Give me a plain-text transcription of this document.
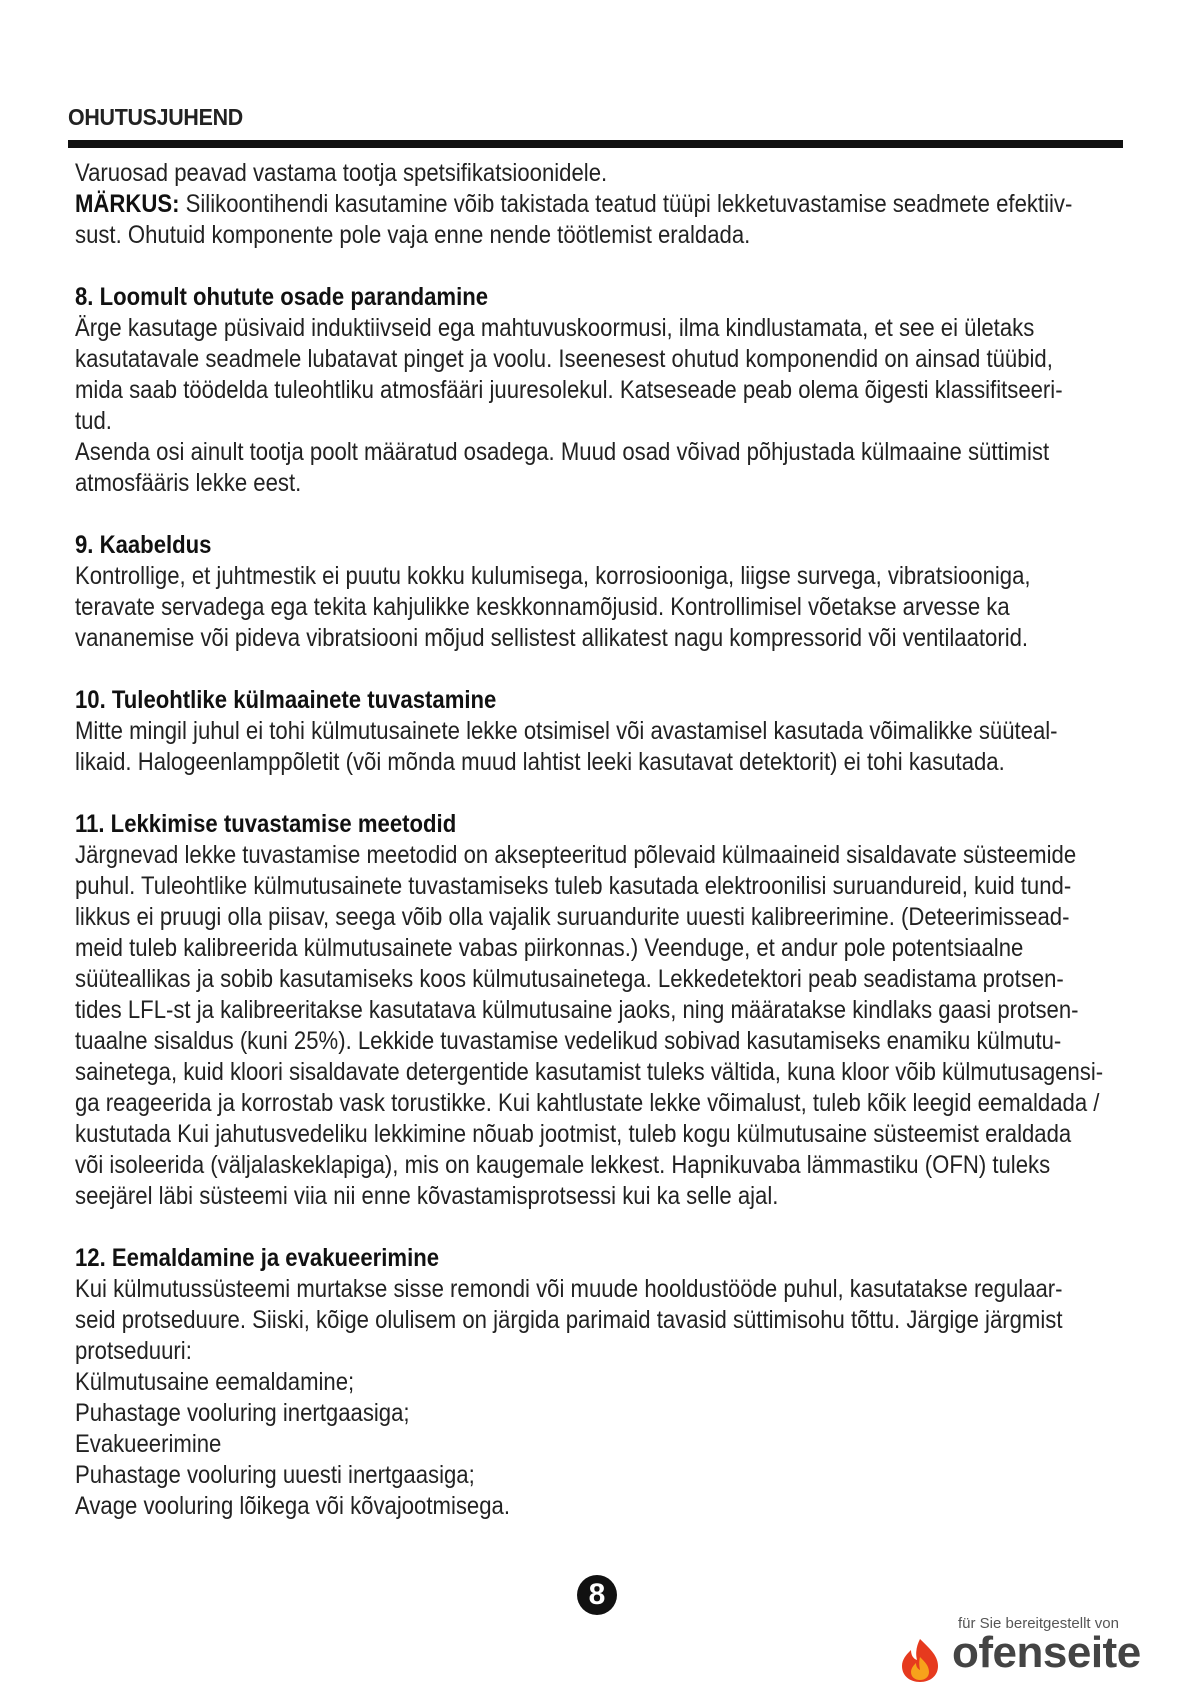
OHUTUSJUHEND

Varuosad peavad vastama tootja spetsifikatsioonidele.

MÄRKUS: Silikoontihendi kasutamine võib takistada teatud tüüpi lekketuvastamise seadmete efektiiv-

sust. Ohutuid komponente pole vaja enne nende töötlemist eraldada.

8. Loomult ohutute osade parandamine

Ärge kasutage püsivaid induktiivseid ega mahtuvuskoormusi, ilma kindlustamata, et see ei ületaks

kasutatavale seadmele lubatavat pinget ja voolu. Iseenesest ohutud komponendid on ainsad tüübid,

mida saab töödelda tuleohtliku atmosfääri juuresolekul. Katseseade peab olema õigesti klassifitseeri-

tud.

Asenda osi ainult tootja poolt määratud osadega. Muud osad võivad põhjustada külmaaine süttimist

atmosfääris lekke eest.

9. Kaabeldus

Kontrollige, et juhtmestik ei puutu kokku kulumisega, korrosiooniga, liigse survega, vibratsiooniga,

teravate servadega ega tekita kahjulikke keskkonnamõjusid. Kontrollimisel võetakse arvesse ka

vananemise või pideva vibratsiooni mõjud sellistest allikatest nagu kompressorid või ventilaatorid.

10. Tuleohtlike külmaainete tuvastamine

Mitte mingil juhul ei tohi külmutusainete lekke otsimisel või avastamisel kasutada võimalikke süüteal-

likaid. Halogeenlamppõletit (või mõnda muud lahtist leeki kasutavat detektorit) ei tohi kasutada.

11. Lekkimise tuvastamise meetodid

Järgnevad lekke tuvastamise meetodid on aksepteeritud põlevaid külmaaineid sisaldavate süsteemide

puhul. Tuleohtlike külmutusainete tuvastamiseks tuleb kasutada elektroonilisi suruandureid, kuid tund-

likkus ei pruugi olla piisav, seega võib olla vajalik suruandurite uuesti kalibreerimine. (Deteerimissead-

meid tuleb kalibreerida külmutusainete vabas piirkonnas.) Veenduge, et andur pole potentsiaalne

süüteallikas ja sobib kasutamiseks koos külmutusainetega. Lekkedetektori peab seadistama protsen-

tides LFL-st ja kalibreeritakse kasutatava külmutusaine jaoks, ning määratakse kindlaks gaasi protsen-

tuaalne sisaldus (kuni 25%). Lekkide tuvastamise vedelikud sobivad kasutamiseks enamiku külmutu-

sainetega, kuid kloori sisaldavate detergentide kasutamist tuleks vältida, kuna kloor võib külmutusagensi-

ga reageerida ja korrostab vask torustikke. Kui kahtlustate lekke võimalust, tuleb kõik leegid eemaldada /

kustutada Kui jahutusvedeliku lekkimine nõuab jootmist, tuleb kogu külmutusaine süsteemist eraldada

või isoleerida (väljalaskeklapiga), mis on kaugemale lekkest. Hapnikuvaba lämmastiku (OFN) tuleks

seejärel läbi süsteemi viia nii enne kõvastamisprotsessi kui ka selle ajal.

12. Eemaldamine ja evakueerimine

Kui külmutussüsteemi murtakse sisse remondi või muude hooldustööde puhul, kasutatakse regulaar-

seid protseduure. Siiski, kõige olulisem on järgida parimaid tavasid süttimisohu tõttu. Järgige järgmist

protseduuri:

Külmutusaine eemaldamine;

Puhastage vooluring inertgaasiga;

Evakueerimine

Puhastage vooluring uuesti inertgaasiga;

Avage vooluring lõikega või kõvajootmisega.

8
für Sie bereitgestellt von
ofenseite
